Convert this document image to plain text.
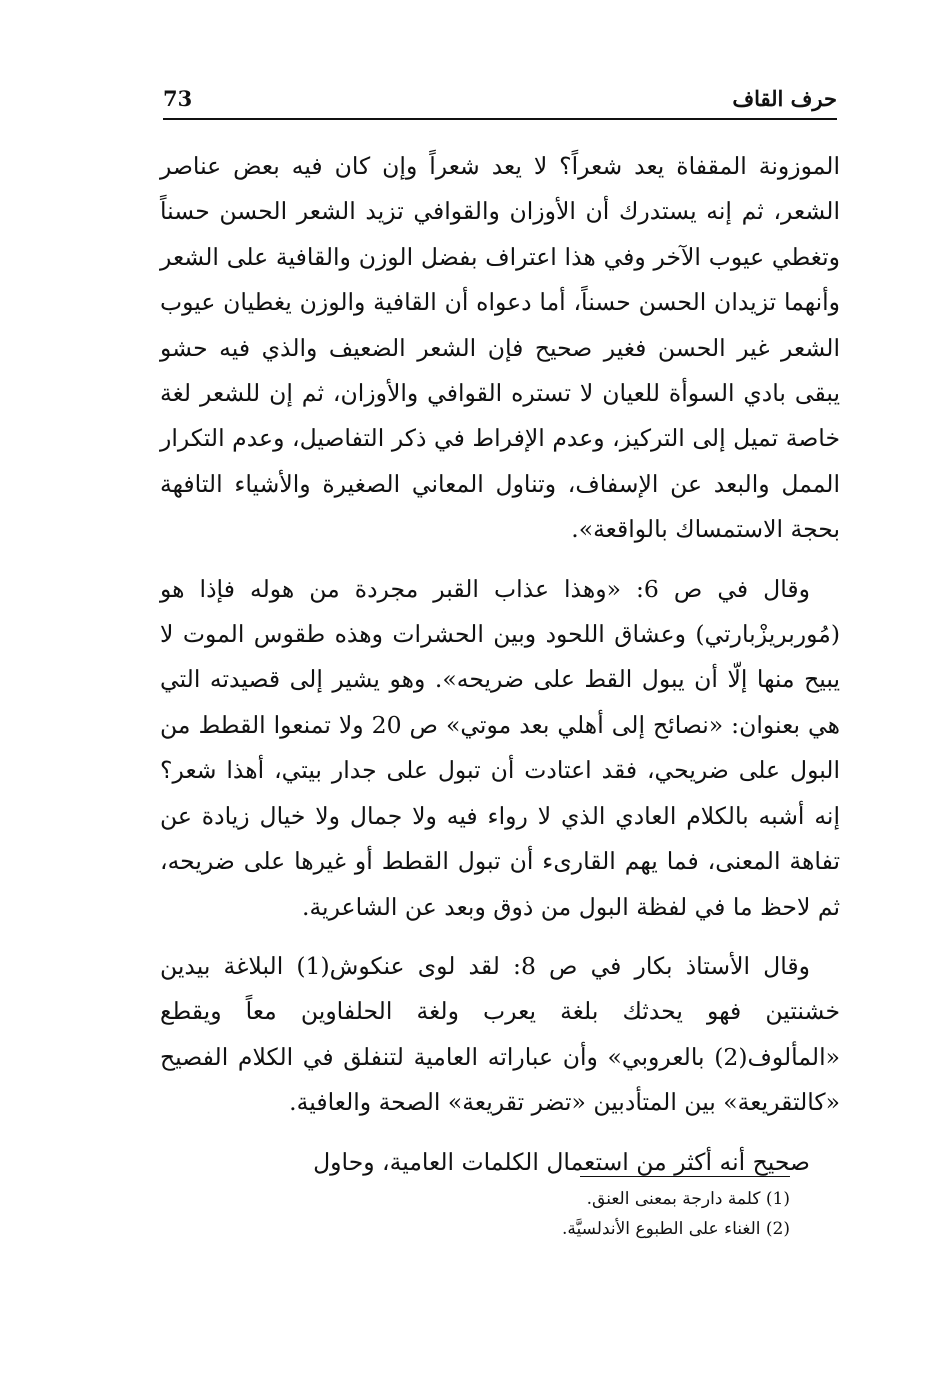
حرف القاف
73

الموزونة المقفاة يعد شعراً؟ لا يعد شعراً وإن كان فيه بعض عناصر الشعر، ثم إنه يستدرك أن الأوزان والقوافي تزيد الشعر الحسن حسناً وتغطي عيوب الآخر وفي هذا اعتراف بفضل الوزن والقافية على الشعر وأنهما تزيدان الحسن حسناً، أما دعواه أن القافية والوزن يغطيان عيوب الشعر غير الحسن فغير صحيح فإن الشعر الضعيف والذي فيه حشو يبقى بادي السوأة للعيان لا تستره القوافي والأوزان، ثم إن للشعر لغة خاصة تميل إلى التركيز، وعدم الإفراط في ذكر التفاصيل، وعدم التكرار الممل والبعد عن الإسفاف، وتناول المعاني الصغيرة والأشياء التافهة بحجة الاستمساك بالواقعة».

وقال في ص 6: «وهذا عذاب القبر مجردة من هوله فإذا هو (مُوربريزْبارتي) وعشاق اللحود وبين الحشرات وهذه طقوس الموت لا يبيح منها إلّا أن يبول القط على ضريحه». وهو يشير إلى قصيدته التي هي بعنوان: «نصائح إلى أهلي بعد موتي» ص 20 ولا تمنعوا القطط من البول على ضريحي، فقد اعتادت أن تبول على جدار بيتي، أهذا شعر؟ إنه أشبه بالكلام العادي الذي لا رواء فيه ولا جمال ولا خيال زيادة عن تفاهة المعنى، فما يهم القارىء أن تبول القطط أو غيرها على ضريحه، ثم لاحظ ما في لفظة البول من ذوق وبعد عن الشاعرية.

وقال الأستاذ بكار في ص 8: لقد لوى عنكوش(1) البلاغة بيدين خشنتين فهو يحدثك بلغة يعرب ولغة الحلفاوين معاً ويقطع «المألوف(2) بالعروبي» وأن عباراته العامية لتنفلق في الكلام الفصيح «كالتقريعة» بين المتأدبين «تضر تقريعة» الصحة والعافية.

صحيح أنه أكثر من استعمال الكلمات العامية، وحاول

(1) كلمة دارجة بمعنى العنق.

(2) الغناء على الطبوع الأندلسيَّة.
